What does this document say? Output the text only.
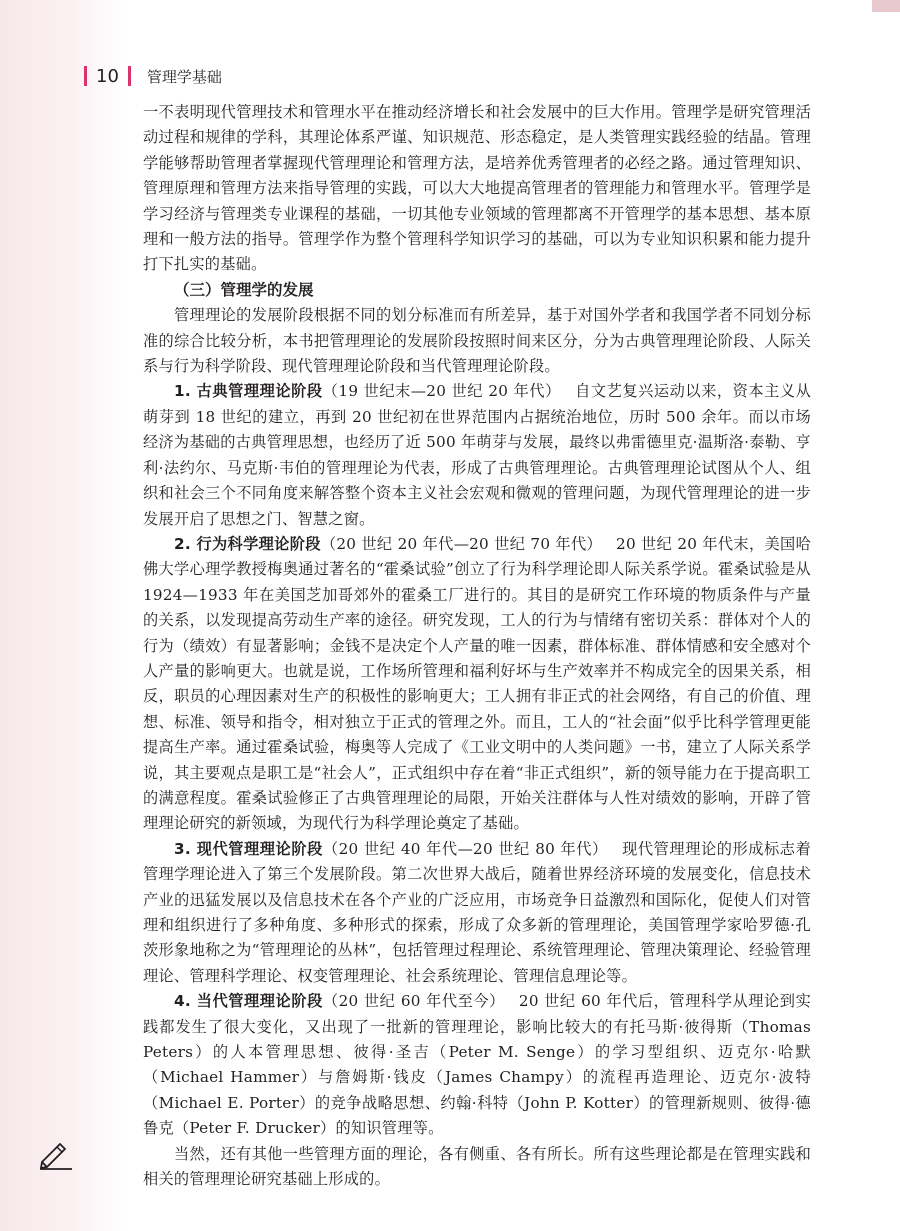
10 管理学基础

一不表明现代管理技术和管理水平在推动经济增长和社会发展中的巨大作用。管理学是研究管理活动过程和规律的学科，其理论体系严谨、知识规范、形态稳定，是人类管理实践经验的结晶。管理学能够帮助管理者掌握现代管理理论和管理方法，是培养优秀管理者的必经之路。通过管理知识、管理原理和管理方法来指导管理的实践，可以大大地提高管理者的管理能力和管理水平。管理学是学习经济与管理类专业课程的基础，一切其他专业领域的管理都离不开管理学的基本思想、基本原理和一般方法的指导。管理学作为整个管理科学知识学习的基础，可以为专业知识积累和能力提升打下扎实的基础。

（三）管理学的发展

管理理论的发展阶段根据不同的划分标准而有所差异，基于对国外学者和我国学者不同划分标准的综合比较分析，本书把管理理论的发展阶段按照时间来区分，分为古典管理理论阶段、人际关系与行为科学阶段、现代管理理论阶段和当代管理理论阶段。

1. 古典管理理论阶段（19 世纪末—20 世纪 20 年代） 自文艺复兴运动以来，资本主义从萌芽到 18 世纪的建立，再到 20 世纪初在世界范围内占据统治地位，历时 500 余年。而以市场经济为基础的古典管理思想，也经历了近 500 年萌芽与发展，最终以弗雷德里克·温斯洛·泰勒、亨利·法约尔、马克斯·韦伯的管理理论为代表，形成了古典管理理论。古典管理理论试图从个人、组织和社会三个不同角度来解答整个资本主义社会宏观和微观的管理问题，为现代管理理论的进一步发展开启了思想之门、智慧之窗。

2. 行为科学理论阶段（20 世纪 20 年代—20 世纪 70 年代） 20 世纪 20 年代末，美国哈佛大学心理学教授梅奥通过著名的“霍桑试验”创立了行为科学理论即人际关系学说。霍桑试验是从 1924—1933 年在美国芝加哥郊外的霍桑工厂进行的。其目的是研究工作环境的物质条件与产量的关系，以发现提高劳动生产率的途径。研究发现，工人的行为与情绪有密切关系：群体对个人的行为（绩效）有显著影响；金钱不是决定个人产量的唯一因素，群体标准、群体情感和安全感对个人产量的影响更大。也就是说，工作场所管理和福利好坏与生产效率并不构成完全的因果关系，相反，职员的心理因素对生产的积极性的影响更大；工人拥有非正式的社会网络，有自己的价值、理想、标准、领导和指令，相对独立于正式的管理之外。而且，工人的“社会面”似乎比科学管理更能提高生产率。通过霍桑试验，梅奥等人完成了《工业文明中的人类问题》一书，建立了人际关系学说，其主要观点是职工是“社会人”，正式组织中存在着“非正式组织”，新的领导能力在于提高职工的满意程度。霍桑试验修正了古典管理理论的局限，开始关注群体与人性对绩效的影响，开辟了管理理论研究的新领域，为现代行为科学理论奠定了基础。

3. 现代管理理论阶段（20 世纪 40 年代—20 世纪 80 年代） 现代管理理论的形成标志着管理学理论进入了第三个发展阶段。第二次世界大战后，随着世界经济环境的发展变化，信息技术产业的迅猛发展以及信息技术在各个产业的广泛应用，市场竞争日益激烈和国际化，促使人们对管理和组织进行了多种角度、多种形式的探索，形成了众多新的管理理论，美国管理学家哈罗德·孔茨形象地称之为“管理理论的丛林”，包括管理过程理论、系统管理理论、管理决策理论、经验管理理论、管理科学理论、权变管理理论、社会系统理论、管理信息理论等。

4. 当代管理理论阶段（20 世纪 60 年代至今） 20 世纪 60 年代后，管理科学从理论到实践都发生了很大变化，又出现了一批新的管理理论，影响比较大的有托马斯·彼得斯（Thomas Peters）的人本管理思想、彼得·圣吉（Peter M. Senge）的学习型组织、迈克尔·哈默（Michael Hammer）与詹姆斯·钱皮（James Champy）的流程再造理论、迈克尔·波特（Michael E. Porter）的竞争战略思想、约翰·科特（John P. Kotter）的管理新规则、彼得·德鲁克（Peter F. Drucker）的知识管理等。

当然，还有其他一些管理方面的理论，各有侧重、各有所长。所有这些理论都是在管理实践和相关的管理理论研究基础上形成的。
